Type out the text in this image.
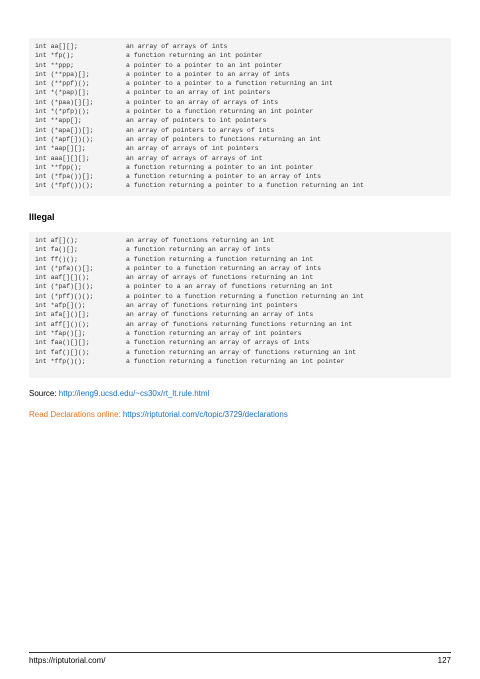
int aa[][];	an array of arrays of ints
int *fp();	a function returning an int pointer
int **ppp;	a pointer to a pointer to an int pointer
int (**ppa)[];	a pointer to a pointer to an array of ints
int (**ppf)();	a pointer to a pointer to a function returning an int
int *(*pap)[];	a pointer to an array of int pointers
int (*paa)[][];	a pointer to an array of arrays of ints
int *(*pfp)();	a pointer to a function returning an int pointer
int **app[];	an array of pointers to int pointers
int (*apa[])[];	an array of pointers to arrays of ints
int (*apf[])();	an array of pointers to functions returning an int
int *aap[][];	an array of arrays of int pointers
int aaa[][][];	an array of arrays of arrays of int
int **fpp();	a function returning a pointer to an int pointer
int (*fpa())[];	a function returning a pointer to an array of ints
int (*fpf())();	a function returning a pointer to a function returning an int
Illegal
int af[]();	an array of functions returning an int
int fa()[];	a function returning an array of ints
int ff()();	a function returning a function returning an int
int (*pfa)()[];	a pointer to a function returning an array of ints
int aaf[][]();	an array of arrays of functions returning an int
int (*paf)[]();	a pointer to a an array of functions returning an int
int (*pff)()();	a pointer to a function returning a function returning an int
int *afp[]();	an array of functions returning int pointers
int afa[]()[];	an array of functions returning an array of ints
int aff[]()();	an array of functions returning functions returning an int
int *fap()[];	a function returning an array of int pointers
int faa()[][];	a function returning an array of arrays of ints
int faf()[]();	a function returning an array of functions returning an int
int *ffp()();	a function returning a function returning an int pointer
Source: http://ieng9.ucsd.edu/~cs30x/rt_lt.rule.html
Read Declarations online: https://riptutorial.com/c/topic/3729/declarations
https://riptutorial.com/	127
